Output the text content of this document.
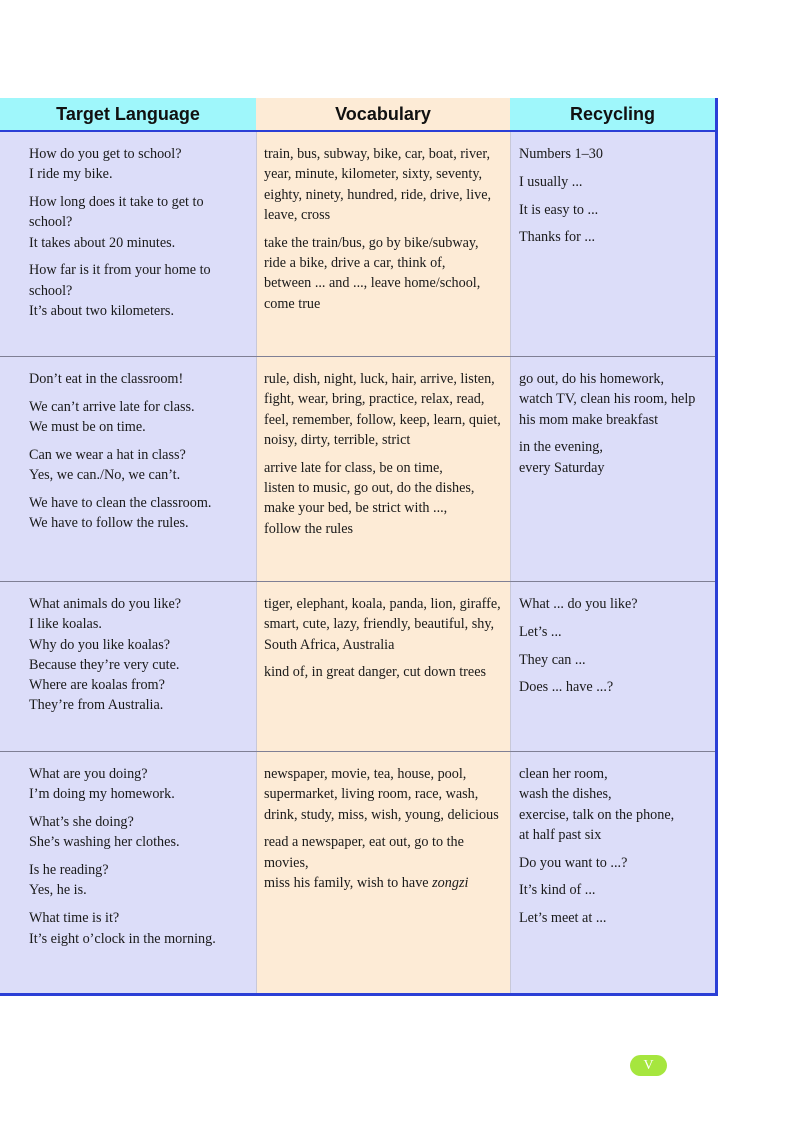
Target Language	Vocabulary	Recycling

How do you get to school?
I ride my bike.

How long does it take to get to
school?
It takes about 20 minutes.

How far is it from your home to
school?
It’s about two kilometers.

train, bus, subway, bike, car, boat, river,
year, minute, kilometer, sixty, seventy,
eighty, ninety, hundred, ride, drive, live,
leave, cross

take the train/bus, go by bike/subway,
ride a bike, drive a car, think of,
between ... and ..., leave home/school,
come true

Numbers 1–30

I usually ...

It is easy to ...

Thanks for ...

Don’t eat in the classroom!

We can’t arrive late for class.
We must be on time.

Can we wear a hat in class?
Yes, we can./No, we can’t.

We have to clean the classroom.
We have to follow the rules.

rule, dish, night, luck, hair, arrive, listen,
fight, wear, bring, practice, relax, read,
feel, remember, follow, keep, learn, quiet,
noisy, dirty, terrible, strict

arrive late for class, be on time,
listen to music, go out, do the dishes,
make your bed, be strict with ...,
follow the rules

go out, do his homework,
watch TV, clean his room, help
his mom make breakfast

in the evening,
every Saturday

What animals do you like?
I like koalas.
Why do you like koalas?
Because they’re very cute.
Where are koalas from?
They’re from Australia.

tiger, elephant, koala, panda, lion, giraffe,
smart, cute, lazy, friendly, beautiful, shy,
South Africa, Australia

kind of, in great danger, cut down trees

What ... do you like?

Let’s ...

They can ...

Does ... have ...?

What are you doing?
I’m doing my homework.

What’s she doing?
She’s washing her clothes.

Is he reading?
Yes, he is.

What time is it?
It’s eight o’clock in the morning.

newspaper, movie, tea, house, pool,
supermarket, living room, race, wash,
drink, study, miss, wish, young, delicious

read a newspaper, eat out, go to the movies,
miss his family, wish to have zongzi

clean her room,
wash the dishes,
exercise, talk on the phone,
at half past six

Do you want to ...?

It’s kind of ...

Let’s meet at ...

V
